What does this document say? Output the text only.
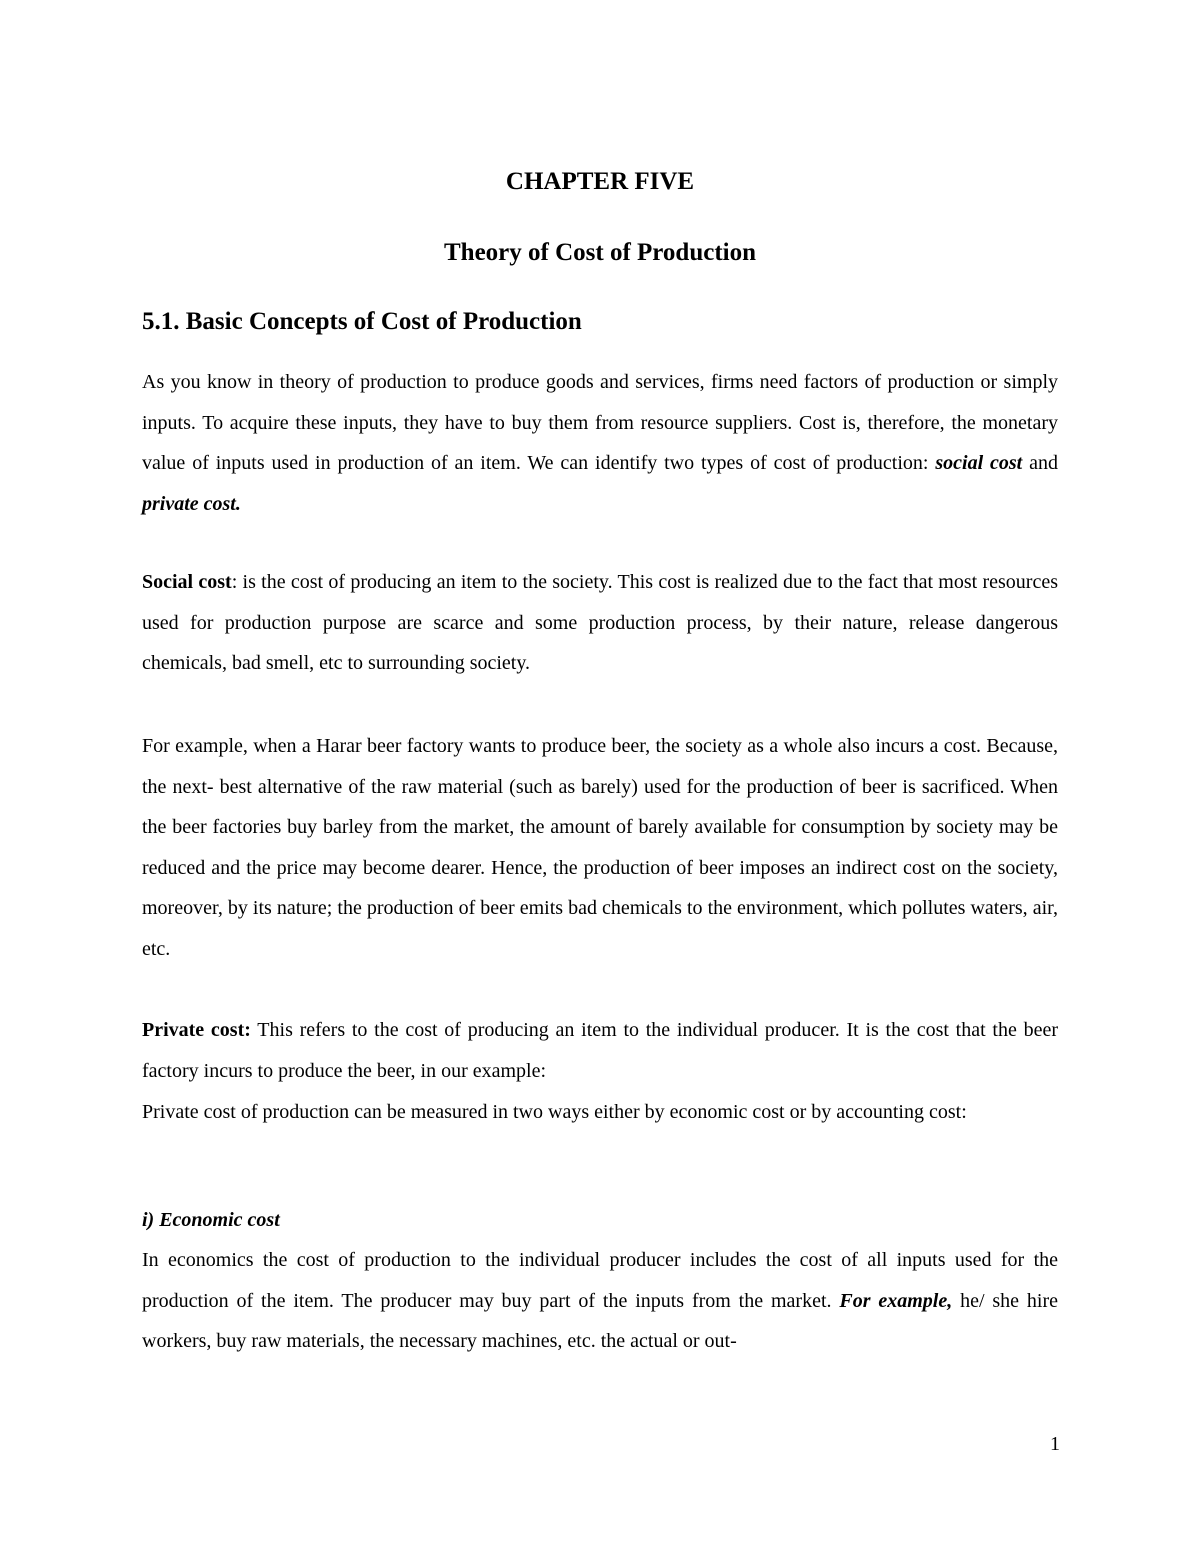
CHAPTER FIVE
Theory of Cost of Production
5.1. Basic Concepts of Cost of Production

As you know in theory of production to produce goods and services, firms need factors of production or simply inputs. To acquire these inputs, they have to buy them from resource suppliers. Cost is, therefore, the monetary value of inputs used in production of an item. We can identify two types of cost of production: social cost and private cost.

Social cost: is the cost of producing an item to the society. This cost is realized due to the fact that most resources used for production purpose are scarce and some production process, by their nature, release dangerous chemicals, bad smell, etc to surrounding society.

For example, when a Harar beer factory wants to produce beer, the society as a whole also incurs a cost. Because, the next- best alternative of the raw material (such as barely) used for the production of beer is sacrificed. When the beer factories buy barley from the market, the amount of barely available for consumption by society may be reduced and the price may become dearer. Hence, the production of beer imposes an indirect cost on the society, moreover, by its nature; the production of beer emits bad chemicals to the environment, which pollutes waters, air, etc.

Private cost: This refers to the cost of producing an item to the individual producer. It is the cost that the beer factory incurs to produce the beer, in our example:

Private cost of production can be measured in two ways either by economic cost or by accounting cost:

i) Economic cost

In economics the cost of production to the individual producer includes the cost of all inputs used for the production of the item. The producer may buy part of the inputs from the market. For example, he/ she hire workers, buy raw materials, the necessary machines, etc. the actual or out-

1
